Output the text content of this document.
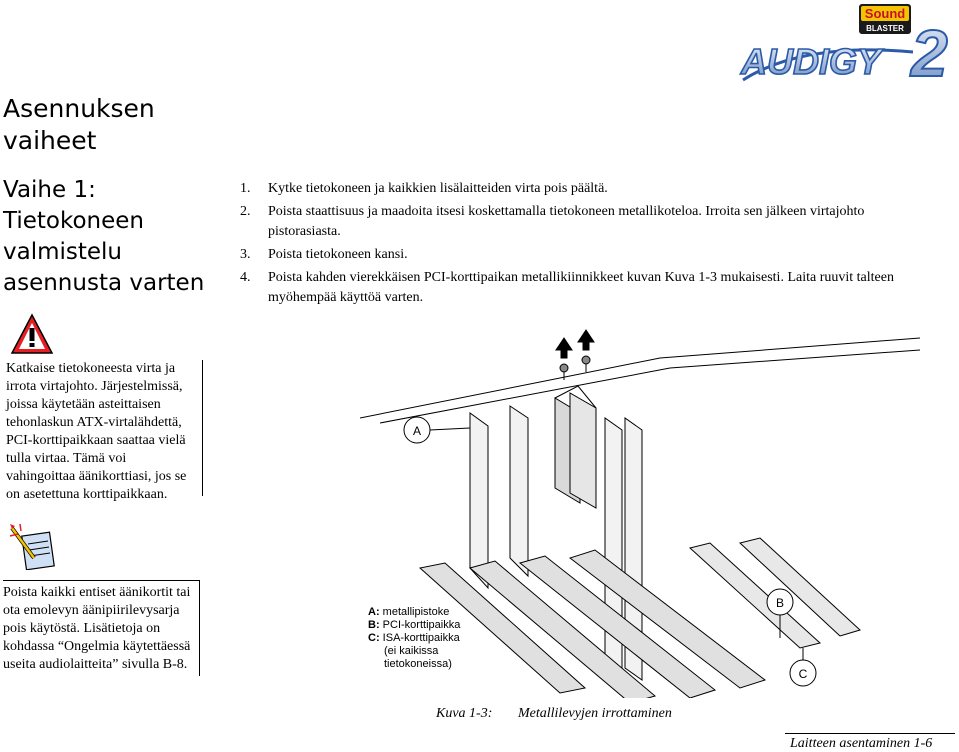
Sound
BLASTER
AUDIGY 2
Asennuksen vaiheet
Vaihe 1: Tietokoneen valmistelu asennusta varten
1. Kytke tietokoneen ja kaikkien lisälaitteiden virta pois päältä.
2. Poista staattisuus ja maadoita itsesi koskettamalla tietokoneen metallikoteloa. Irroita sen jälkeen virtajohto pistorasiasta.
3. Poista tietokoneen kansi.
4. Poista kahden vierekkäisen PCI-korttipaikan metallikiinnikkeet kuvan Kuva 1-3 mukaisesti. Laita ruuvit talteen myöhempää käyttöä varten.
Katkaise tietokoneesta virta ja irrota virtajohto. Järjestelmissä, joissa käytetään asteittaisen tehonlaskun ATX-virtalähdettä, PCI-korttipaikkaan saattaa vielä tulla virtaa. Tämä voi vahingoittaa äänikorttiasi, jos se on asetettuna korttipaikkaan.
Poista kaikki entiset äänikortit tai ota emolevyn äänipiirilevysarja pois käytöstä. Lisätietoja on kohdassa “Ongelmia käytettäessä useita audiolaitteita” sivulla B-8.
A
B
C
A: metallipistoke
B: PCI-korttipaikka
C: ISA-korttipaikka
(ei kaikissa
tietokoneissa)
Kuva 1-3: Metallilevyjen irrottaminen
Laitteen asentaminen 1-6
